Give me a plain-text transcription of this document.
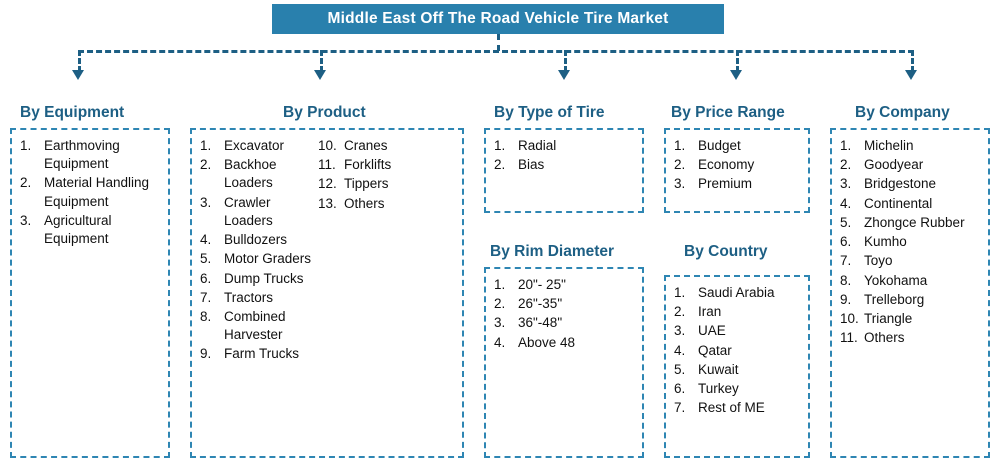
Middle East Off The Road Vehicle Tire Market
By Equipment
Earthmoving Equipment
Material Handling Equipment
Agricultural Equipment
By Product
Excavator
Backhoe Loaders
Crawler Loaders
Bulldozers
Motor Graders
Dump Trucks
Tractors
Combined Harvester
Farm Trucks
Cranes
Forklifts
Tippers
Others
By Type of Tire
Radial
Bias
By Rim Diameter
20"- 25"
26"-35"
36"-48"
Above 48
By Price Range
Budget
Economy
Premium
By Country
Saudi Arabia
Iran
UAE
Qatar
Kuwait
Turkey
Rest of ME
By Company
Michelin
Goodyear
Bridgestone
Continental
Zhongce Rubber
Kumho
Toyo
Yokohama
Trelleborg
Triangle
Others
